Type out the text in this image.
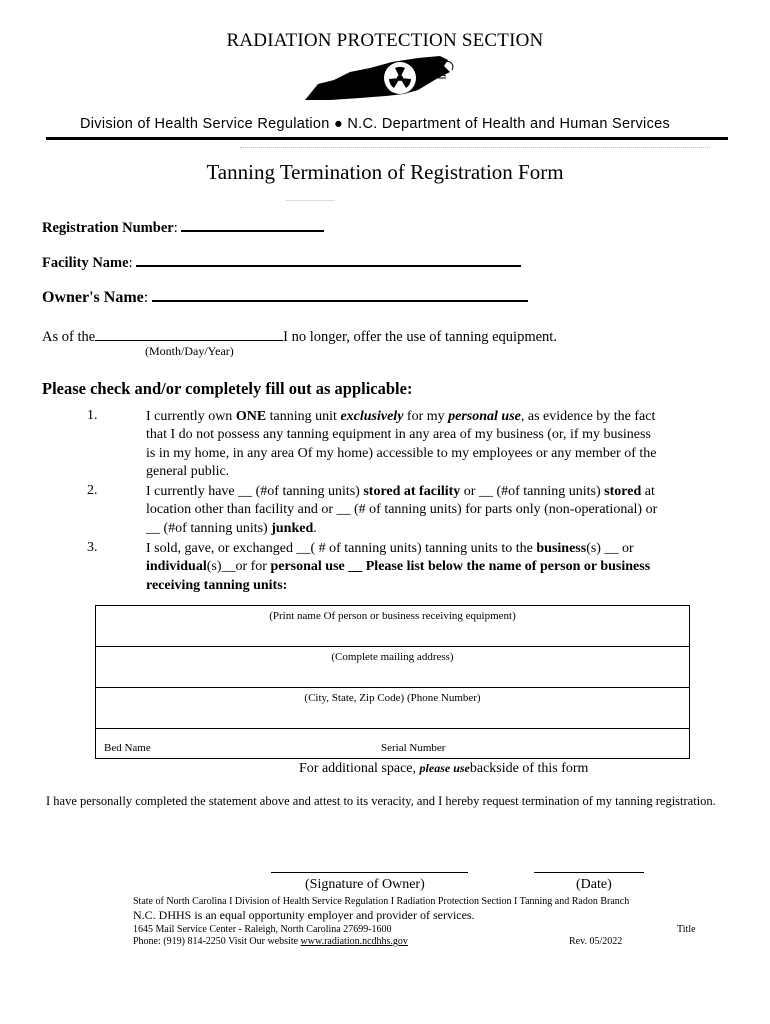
RADIATION PROTECTION SECTION
Division of Health Service Regulation ● N.C. Department of Health and Human Services
Tanning Termination of Registration Form
Registration Number:
Facility Name:
Owner's Name:
As of the	I no longer, offer the use of tanning equipment.
(Month/Day/Year)
Please check and/or completely fill out as applicable:
1.	I currently own ONE tanning unit exclusively for my personal use, as evidence by the fact that I do not possess any tanning equipment in any area of my business (or, if my business is in my home, in any area Of my home) accessible to my employees or any member of the general public.
2.	I currently have __ (#of tanning units) stored at facility or __ (#of tanning units) stored at location other than facility and or __ (# of tanning units) for parts only (non-operational) or __ (#of tanning units) junked.
3.	I sold, gave, or exchanged __( # of tanning units) tanning units to the business(s) __ or individual(s)__or for personal use __ Please list below the name of person or business receiving tanning units:
(Print name Of person or business receiving equipment)
(Complete mailing address)
(City, State, Zip Code) (Phone Number)
Bed Name	Serial Number
For additional space, please usebackside of this form
I have personally completed the statement above and attest to its veracity, and I hereby request termination of my tanning registration.
(Signature of Owner)	(Date)
State of North Carolina I Division of Health Service Regulation I Radiation Protection Section I Tanning and Radon Branch
N.C. DHHS is an equal opportunity employer and provider of services.
1645 Mail Service Center - Raleigh, North Carolina 27699-1600	Title
Phone: (919) 814-2250 Visit Our website www.radiation.ncdhhs.gov	Rev. 05/2022
